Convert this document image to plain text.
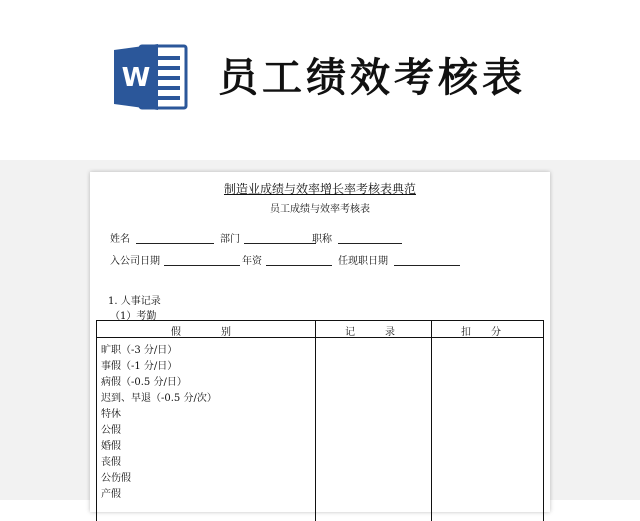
W 员工绩效考核表
制造业成绩与效率增长率考核表典范
员工成绩与效率考核表
姓名	部门	职称
入公司日期	年资	任现职日期
1. 人事记录
（1）考勤
假　　　　别	记　　　录	扣　　分
旷职（-3 分/日）
事假（-1 分/日）
病假（-0.5 分/日）
迟到、早退（-0.5 分/次）
特休
公假
婚假
丧假
公伤假
产假
